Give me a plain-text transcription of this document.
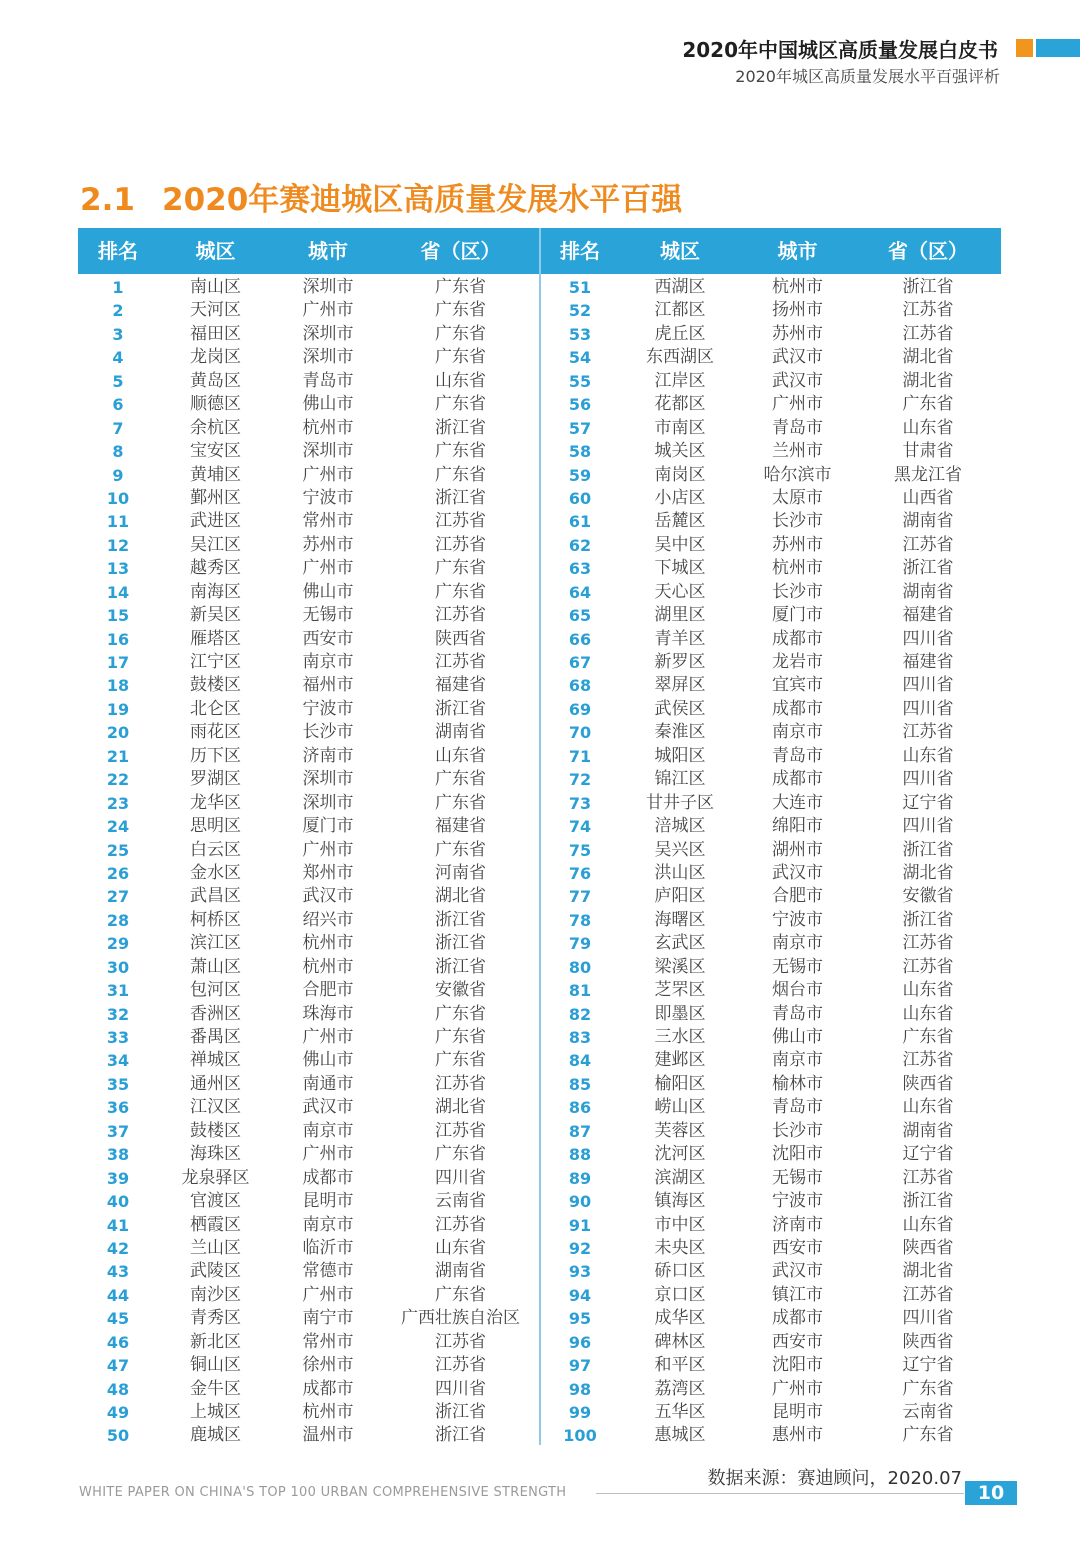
2020年中国城区高质量发展白皮书
2020年城区高质量发展水平百强评析
2.1 2020年赛迪城区高质量发展水平百强
排名	城区	城市	省（区）	排名	城区	城市	省（区）
1	南山区	深圳市	广东省	51	西湖区	杭州市	浙江省
2	天河区	广州市	广东省	52	江都区	扬州市	江苏省
3	福田区	深圳市	广东省	53	虎丘区	苏州市	江苏省
4	龙岗区	深圳市	广东省	54	东西湖区	武汉市	湖北省
5	黄岛区	青岛市	山东省	55	江岸区	武汉市	湖北省
6	顺德区	佛山市	广东省	56	花都区	广州市	广东省
7	余杭区	杭州市	浙江省	57	市南区	青岛市	山东省
8	宝安区	深圳市	广东省	58	城关区	兰州市	甘肃省
9	黄埔区	广州市	广东省	59	南岗区	哈尔滨市	黑龙江省
10	鄞州区	宁波市	浙江省	60	小店区	太原市	山西省
11	武进区	常州市	江苏省	61	岳麓区	长沙市	湖南省
12	吴江区	苏州市	江苏省	62	吴中区	苏州市	江苏省
13	越秀区	广州市	广东省	63	下城区	杭州市	浙江省
14	南海区	佛山市	广东省	64	天心区	长沙市	湖南省
15	新吴区	无锡市	江苏省	65	湖里区	厦门市	福建省
16	雁塔区	西安市	陕西省	66	青羊区	成都市	四川省
17	江宁区	南京市	江苏省	67	新罗区	龙岩市	福建省
18	鼓楼区	福州市	福建省	68	翠屏区	宜宾市	四川省
19	北仑区	宁波市	浙江省	69	武侯区	成都市	四川省
20	雨花区	长沙市	湖南省	70	秦淮区	南京市	江苏省
21	历下区	济南市	山东省	71	城阳区	青岛市	山东省
22	罗湖区	深圳市	广东省	72	锦江区	成都市	四川省
23	龙华区	深圳市	广东省	73	甘井子区	大连市	辽宁省
24	思明区	厦门市	福建省	74	涪城区	绵阳市	四川省
25	白云区	广州市	广东省	75	吴兴区	湖州市	浙江省
26	金水区	郑州市	河南省	76	洪山区	武汉市	湖北省
27	武昌区	武汉市	湖北省	77	庐阳区	合肥市	安徽省
28	柯桥区	绍兴市	浙江省	78	海曙区	宁波市	浙江省
29	滨江区	杭州市	浙江省	79	玄武区	南京市	江苏省
30	萧山区	杭州市	浙江省	80	梁溪区	无锡市	江苏省
31	包河区	合肥市	安徽省	81	芝罘区	烟台市	山东省
32	香洲区	珠海市	广东省	82	即墨区	青岛市	山东省
33	番禺区	广州市	广东省	83	三水区	佛山市	广东省
34	禅城区	佛山市	广东省	84	建邺区	南京市	江苏省
35	通州区	南通市	江苏省	85	榆阳区	榆林市	陕西省
36	江汉区	武汉市	湖北省	86	崂山区	青岛市	山东省
37	鼓楼区	南京市	江苏省	87	芙蓉区	长沙市	湖南省
38	海珠区	广州市	广东省	88	沈河区	沈阳市	辽宁省
39	龙泉驿区	成都市	四川省	89	滨湖区	无锡市	江苏省
40	官渡区	昆明市	云南省	90	镇海区	宁波市	浙江省
41	栖霞区	南京市	江苏省	91	市中区	济南市	山东省
42	兰山区	临沂市	山东省	92	未央区	西安市	陕西省
43	武陵区	常德市	湖南省	93	硚口区	武汉市	湖北省
44	南沙区	广州市	广东省	94	京口区	镇江市	江苏省
45	青秀区	南宁市	广西壮族自治区	95	成华区	成都市	四川省
46	新北区	常州市	江苏省	96	碑林区	西安市	陕西省
47	铜山区	徐州市	江苏省	97	和平区	沈阳市	辽宁省
48	金牛区	成都市	四川省	98	荔湾区	广州市	广东省
49	上城区	杭州市	浙江省	99	五华区	昆明市	云南省
50	鹿城区	温州市	浙江省	100	惠城区	惠州市	广东省
数据来源：赛迪顾问，2020.07
WHITE PAPER ON CHINA'S TOP 100 URBAN COMPREHENSIVE STRENGTH	10
